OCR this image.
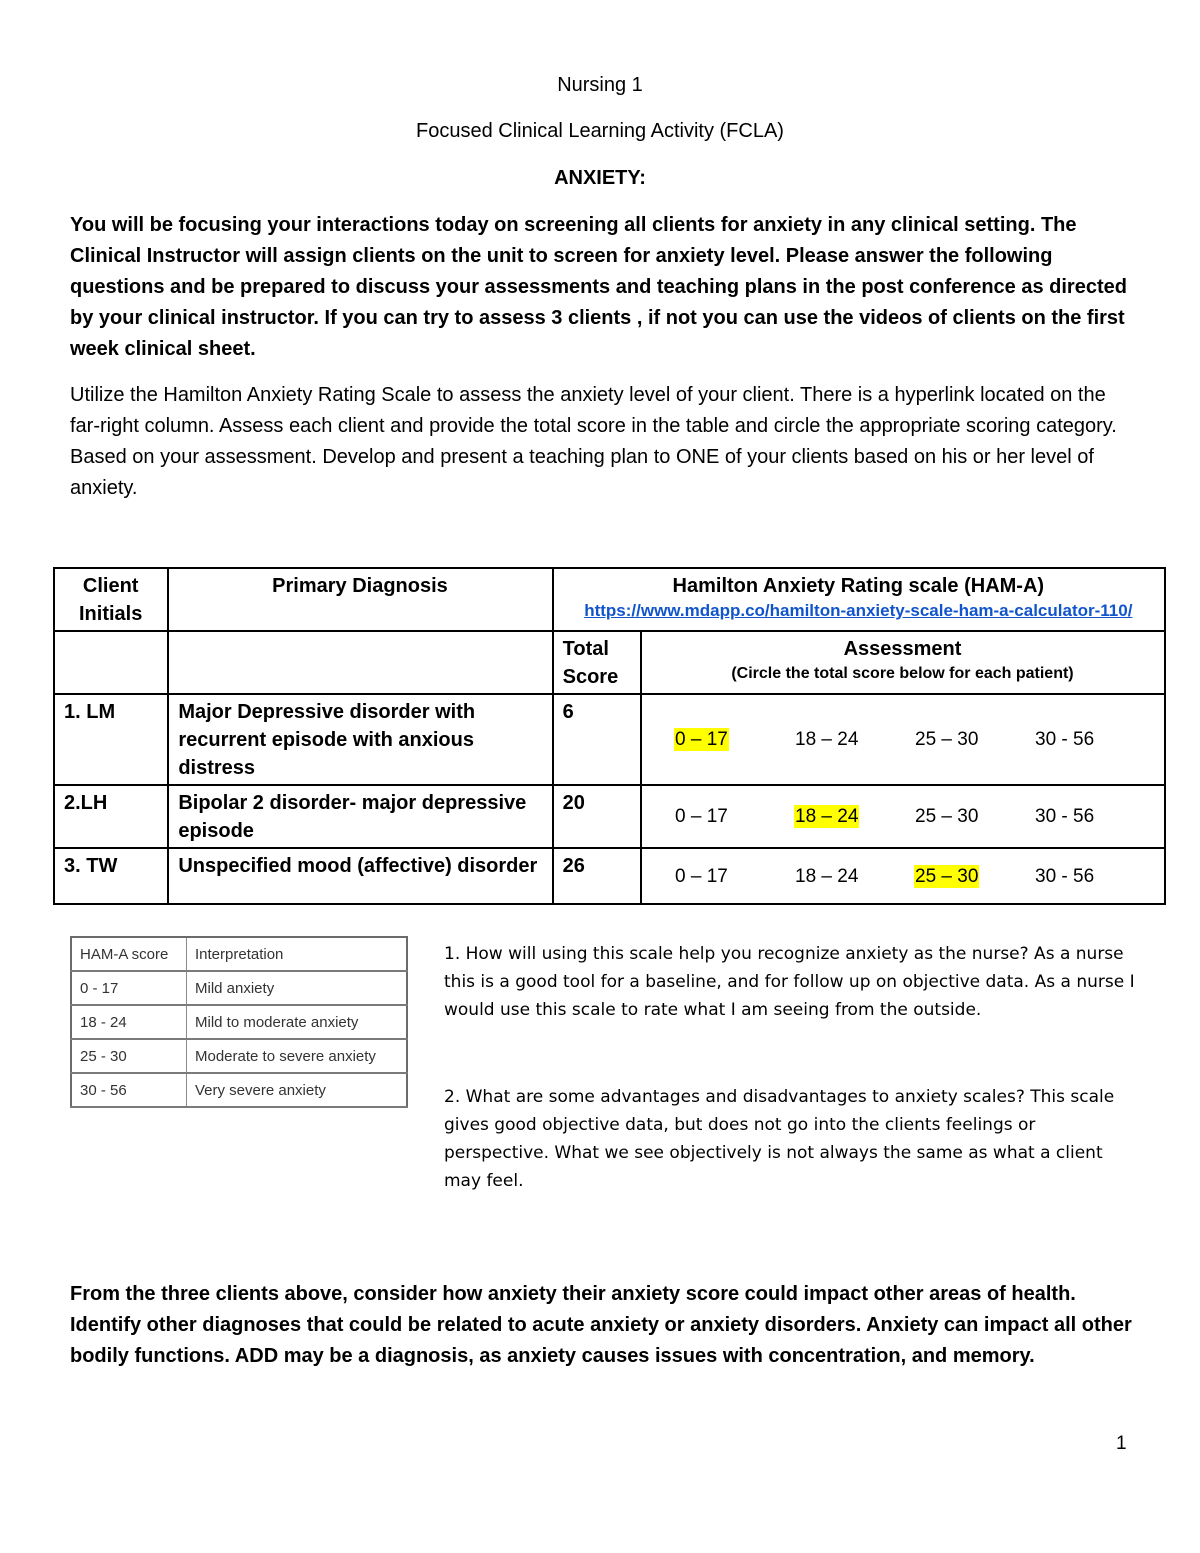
Nursing 1
Focused Clinical Learning Activity (FCLA)
ANXIETY:
You will be focusing your interactions today on screening all clients for anxiety in any clinical setting. The Clinical Instructor will assign clients on the unit to screen for anxiety level. Please answer the following questions and be prepared to discuss your assessments and teaching plans in the post conference as directed by your clinical instructor. If you can try to assess 3 clients , if not you can use the videos of clients on the first week clinical sheet.
Utilize the Hamilton Anxiety Rating Scale to assess the anxiety level of your client. There is a hyperlink located on the far-right column. Assess each client and provide the total score in the table and circle the appropriate scoring category. Based on your assessment. Develop and present a teaching plan to ONE of your clients based on his or her level of anxiety.
Client Initials	Primary Diagnosis	Hamilton Anxiety Rating scale (HAM-A)
https://www.mdapp.co/hamilton-anxiety-scale-ham-a-calculator-110/	

		Total Score	Assessment
(Circle the total score below for each patient)

1. LM	Major Depressive disorder with recurrent episode with anxious distress	6	0 – 17 18 – 24 25 – 30 30 - 56

2.LH	Bipolar 2 disorder- major depressive episode	20	0 – 17 18 – 24 25 – 30 30 - 56

3. TW	Unspecified mood (affective) disorder	26	0 – 17 18 – 24 25 – 30 30 - 56
HAM-A score	Interpretation
0 - 17	Mild anxiety
18 - 24	Mild to moderate anxiety
25 - 30	Moderate to severe anxiety
30 - 56	Very severe anxiety
1. How will using this scale help you recognize anxiety as the nurse? As a nurse this is a good tool for a baseline, and for follow up on objective data. As a nurse I would use this scale to rate what I am seeing from the outside.
2. What are some advantages and disadvantages to anxiety scales? This scale gives good objective data, but does not go into the clients feelings or perspective. What we see objectively is not always the same as what a client may feel.
From the three clients above, consider how anxiety their anxiety score could impact other areas of health. Identify other diagnoses that could be related to acute anxiety or anxiety disorders. Anxiety can impact all other bodily functions. ADD may be a diagnosis, as anxiety causes issues with concentration, and memory.
1
